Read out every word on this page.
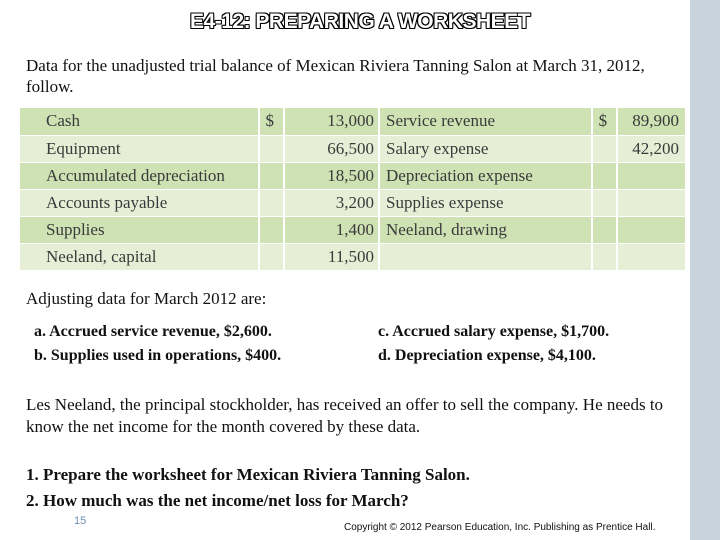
E4-12: PREPARING A WORKSHEET
Data for the unadjusted trial balance of Mexican Riviera Tanning Salon at March 31, 2012, follow.
Cash	$	13,000	Service revenue	$	89,900
Equipment		66,500	Salary expense		42,200
Accumulated depreciation		18,500	Depreciation expense		
Accounts payable		3,200	Supplies expense		
Supplies		1,400	Neeland, drawing		
Neeland, capital		11,500			
Adjusting data for March 2012 are:
a. Accrued service revenue, $2,600.
b. Supplies used in operations, $400.
c. Accrued salary expense, $1,700.
d. Depreciation expense, $4,100.
Les Neeland, the principal stockholder, has received an offer to sell the company. He needs to know the net income for the month covered by these data.
1. Prepare the worksheet for Mexican Riviera Tanning Salon.
2. How much was the net income/net loss for March?
15
Copyright © 2012 Pearson Education, Inc. Publishing as Prentice Hall.
